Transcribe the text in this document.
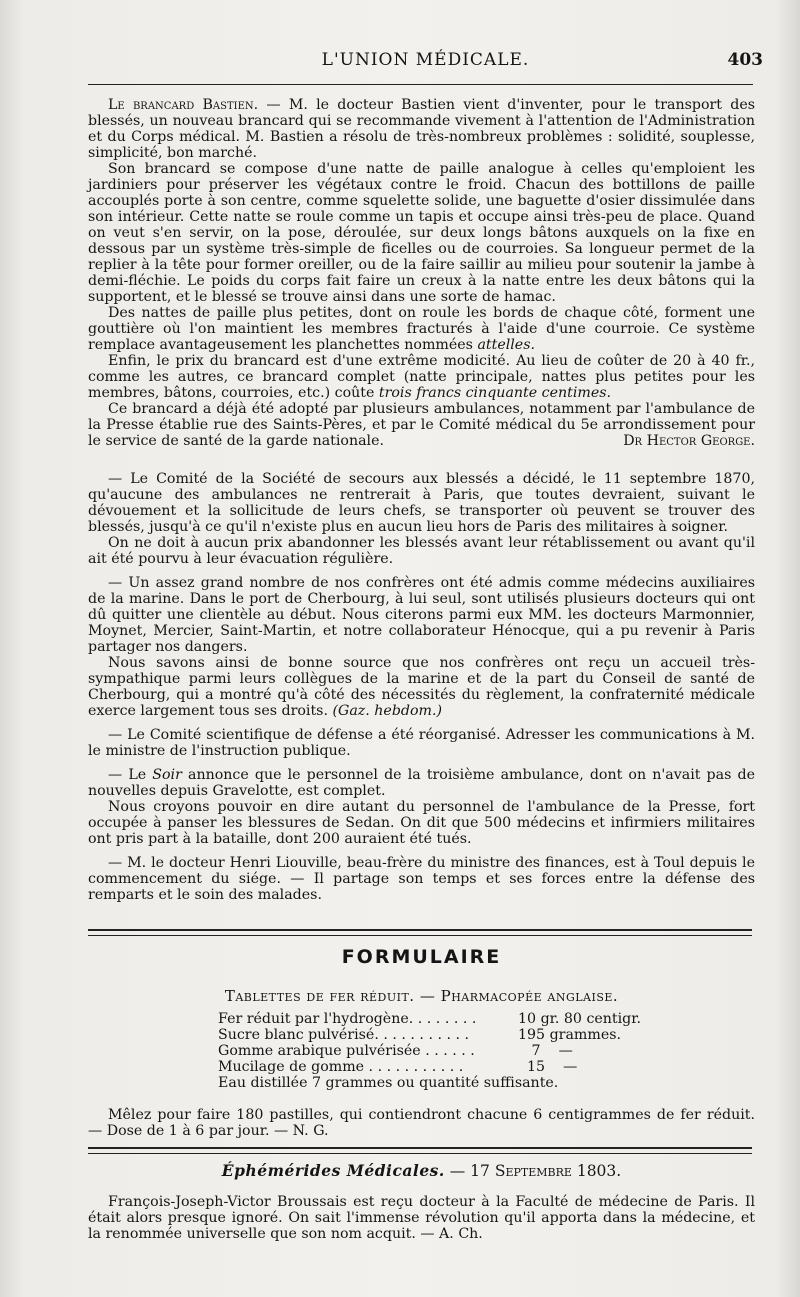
L'UNION MÉDICALE.	403

Le brancard Bastien. — M. le docteur Bastien vient d'inventer, pour le transport des blessés, un nouveau brancard qui se recommande vivement à l'attention de l'Administration et du Corps médical. M. Bastien a résolu de très-nombreux problèmes : solidité, souplesse, simplicité, bon marché.

Son brancard se compose d'une natte de paille analogue à celles qu'emploient les jardiniers pour préserver les végétaux contre le froid. Chacun des bottillons de paille accouplés porte à son centre, comme squelette solide, une baguette d'osier dissimulée dans son intérieur. Cette natte se roule comme un tapis et occupe ainsi très-peu de place. Quand on veut s'en servir, on la pose, déroulée, sur deux longs bâtons auxquels on la fixe en dessous par un système très-simple de ficelles ou de courroies. Sa longueur permet de la replier à la tête pour former oreiller, ou de la faire saillir au milieu pour soutenir la jambe à demi-fléchie. Le poids du corps fait faire un creux à la natte entre les deux bâtons qui la supportent, et le blessé se trouve ainsi dans une sorte de hamac.

Des nattes de paille plus petites, dont on roule les bords de chaque côté, forment une gouttière où l'on maintient les membres fracturés à l'aide d'une courroie. Ce système remplace avantageusement les planchettes nommées attelles.

Enfin, le prix du brancard est d'une extrême modicité. Au lieu de coûter de 20 à 40 fr., comme les autres, ce brancard complet (natte principale, nattes plus petites pour les membres, bâtons, courroies, etc.) coûte trois francs cinquante centimes.

Ce brancard a déjà été adopté par plusieurs ambulances, notamment par l'ambulance de la Presse établie rue des Saints-Pères, et par le Comité médical du 5e arrondissement pour le service de santé de la garde nationale.	Dr Hector George.

— Le Comité de la Société de secours aux blessés a décidé, le 11 septembre 1870, qu'aucune des ambulances ne rentrerait à Paris, que toutes devraient, suivant le dévouement et la sollicitude de leurs chefs, se transporter où peuvent se trouver des blessés, jusqu'à ce qu'il n'existe plus en aucun lieu hors de Paris des militaires à soigner.

On ne doit à aucun prix abandonner les blessés avant leur rétablissement ou avant qu'il ait été pourvu à leur évacuation régulière.

— Un assez grand nombre de nos confrères ont été admis comme médecins auxiliaires de la marine. Dans le port de Cherbourg, à lui seul, sont utilisés plusieurs docteurs qui ont dû quitter une clientèle au début. Nous citerons parmi eux MM. les docteurs Marmonnier, Moynet, Mercier, Saint-Martin, et notre collaborateur Hénocque, qui a pu revenir à Paris partager nos dangers.

Nous savons ainsi de bonne source que nos confrères ont reçu un accueil très-sympathique parmi leurs collègues de la marine et de la part du Conseil de santé de Cherbourg, qui a montré qu'à côté des nécessités du règlement, la confraternité médicale exerce largement tous ses droits. (Gaz. hebdom.)

— Le Comité scientifique de défense a été réorganisé. Adresser les communications à M. le ministre de l'instruction publique.

— Le Soir annonce que le personnel de la troisième ambulance, dont on n'avait pas de nouvelles depuis Gravelotte, est complet.

Nous croyons pouvoir en dire autant du personnel de l'ambulance de la Presse, fort occupée à panser les blessures de Sedan. On dit que 500 médecins et infirmiers militaires ont pris part à la bataille, dont 200 auraient été tués.

— M. le docteur Henri Liouville, beau-frère du ministre des finances, est à Toul depuis le commencement du siége. — Il partage son temps et ses forces entre la défense des remparts et le soin des malades.

FORMULAIRE
Tablettes de fer réduit. — Pharmacopée anglaise.
Fer réduit par l'hydrogène. . . . . . . .	10 gr. 80 centigr.
Sucre blanc pulvérisé. . . . . . . . . . .	195 grammes.
Gomme arabique pulvérisée . . . . . .	7    —
Mucilage de gomme . . . . . . . . . . .	15    —
Eau distillée 7 grammes ou quantité suffisante.

Mêlez pour faire 180 pastilles, qui contiendront chacune 6 centigrammes de fer réduit. — Dose de 1 à 6 par jour. — N. G.

Éphémérides Médicales. — 17 Septembre 1803.

François-Joseph-Victor Broussais est reçu docteur à la Faculté de médecine de Paris. Il était alors presque ignoré. On sait l'immense révolution qu'il apporta dans la médecine, et la renommée universelle que son nom acquit. — A. Ch.
